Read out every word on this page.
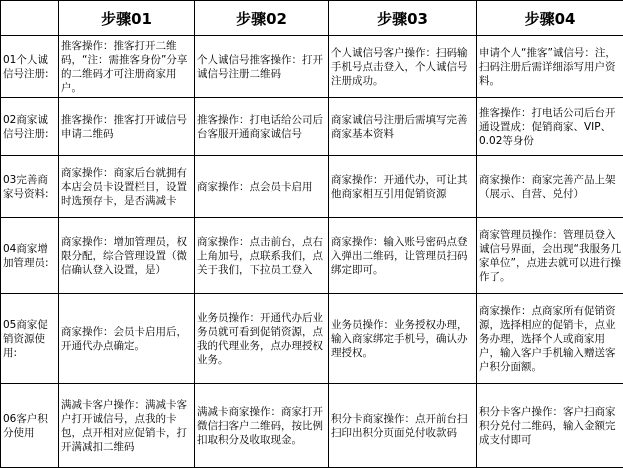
	步骤01	步骤02	步骤03	步骤04

01个人诚信号注册:	推客操作：推客打开二维码，“注：需推客身份”分享的二维码才可注册商家用户。	个人诚信号推客操作：打开诚信号注册二维码	个人诚信号客户操作：扫码输手机号点击登入，个人诚信号注册成功。	申请个人“推客”诚信号：注，扫码注册后需详细添写用户资料。

02商家诚信号注册:	推客操作：推客打开诚信号申请二维码	推客操作：打电话给公司后台客服开通商家诚信号	商家诚信号注册后需填写完善商家基本资料	推客操作：打电话公司后台开通设置成：促销商家、VIP、0.02等身份

03完善商家号资料:	商家操作：商家后台就拥有本店会员卡设置栏目，设置时选预存卡，是否满减卡	商家操作：点会员卡启用	商家操作：开通代办，可让其他商家相互引用促销资源	商家操作：商家完善产品上架（展示、自营、兑付）

04商家增加管理员:	商家操作：增加管理员，权限分配，综合管理设置（微信确认登入设置，是）	商家操作：点击前台，点右上角加号，点联系我们，点关于我们，下拉员工登入	商家操作：输入账号密码点登入弹出二维码，让管理员扫码绑定即可。	商家管理员操作：管理员登入诚信号界面，会出现“我服务几家单位”，点进去就可以进行操作了。

05商家促销资源使用:	商家操作：会员卡启用后，开通代办点确定。	业务员操作：开通代办后业务员就可看到促销资源，点我的代理业务，点办理授权业务。	业务员操作：业务授权办理，输入商家绑定手机号，确认办理授权。	商家操作：点商家所有促销资源，选择相应的促销卡，点业务办理，选择个人或商家用户，输入客户手机输入赠送客户积分面额。

06客户积分使用	满减卡客户操作：满减卡客户打开诚信号，点我的卡包，点开相对应促销卡，打开满减扣二维码	满减卡商家操作：商家打开微信扫客户二维码，按比例扣取积分及收取现金。	积分卡商家操作：点开前台扫扫印出积分页面兑付收款码	积分卡客户操作：客户扫商家积分兑付二维码，输入金额完成支付即可
